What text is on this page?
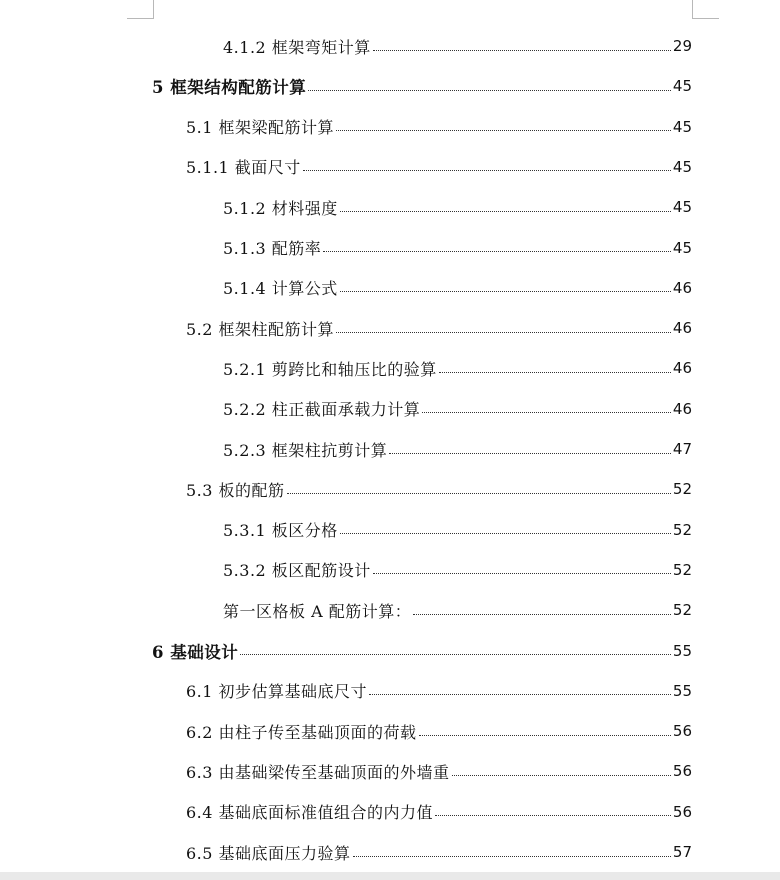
4.1.2 框架弯矩计算	29
5 框架结构配筋计算	45
5.1 框架梁配筋计算	45
5.1.1 截面尺寸	45
5.1.2 材料强度	45
5.1.3 配筋率	45
5.1.4 计算公式	46
5.2 框架柱配筋计算	46
5.2.1 剪跨比和轴压比的验算	46
5.2.2 柱正截面承载力计算	46
5.2.3 框架柱抗剪计算	47
5.3 板的配筋	52
5.3.1 板区分格	52
5.3.2 板区配筋设计	52
第一区格板 A 配筋计算：	52
6 基础设计	55
6.1 初步估算基础底尺寸	55
6.2 由柱子传至基础顶面的荷载	56
6.3 由基础梁传至基础顶面的外墙重	56
6.4 基础底面标准值组合的内力值	56
6.5 基础底面压力验算	57
